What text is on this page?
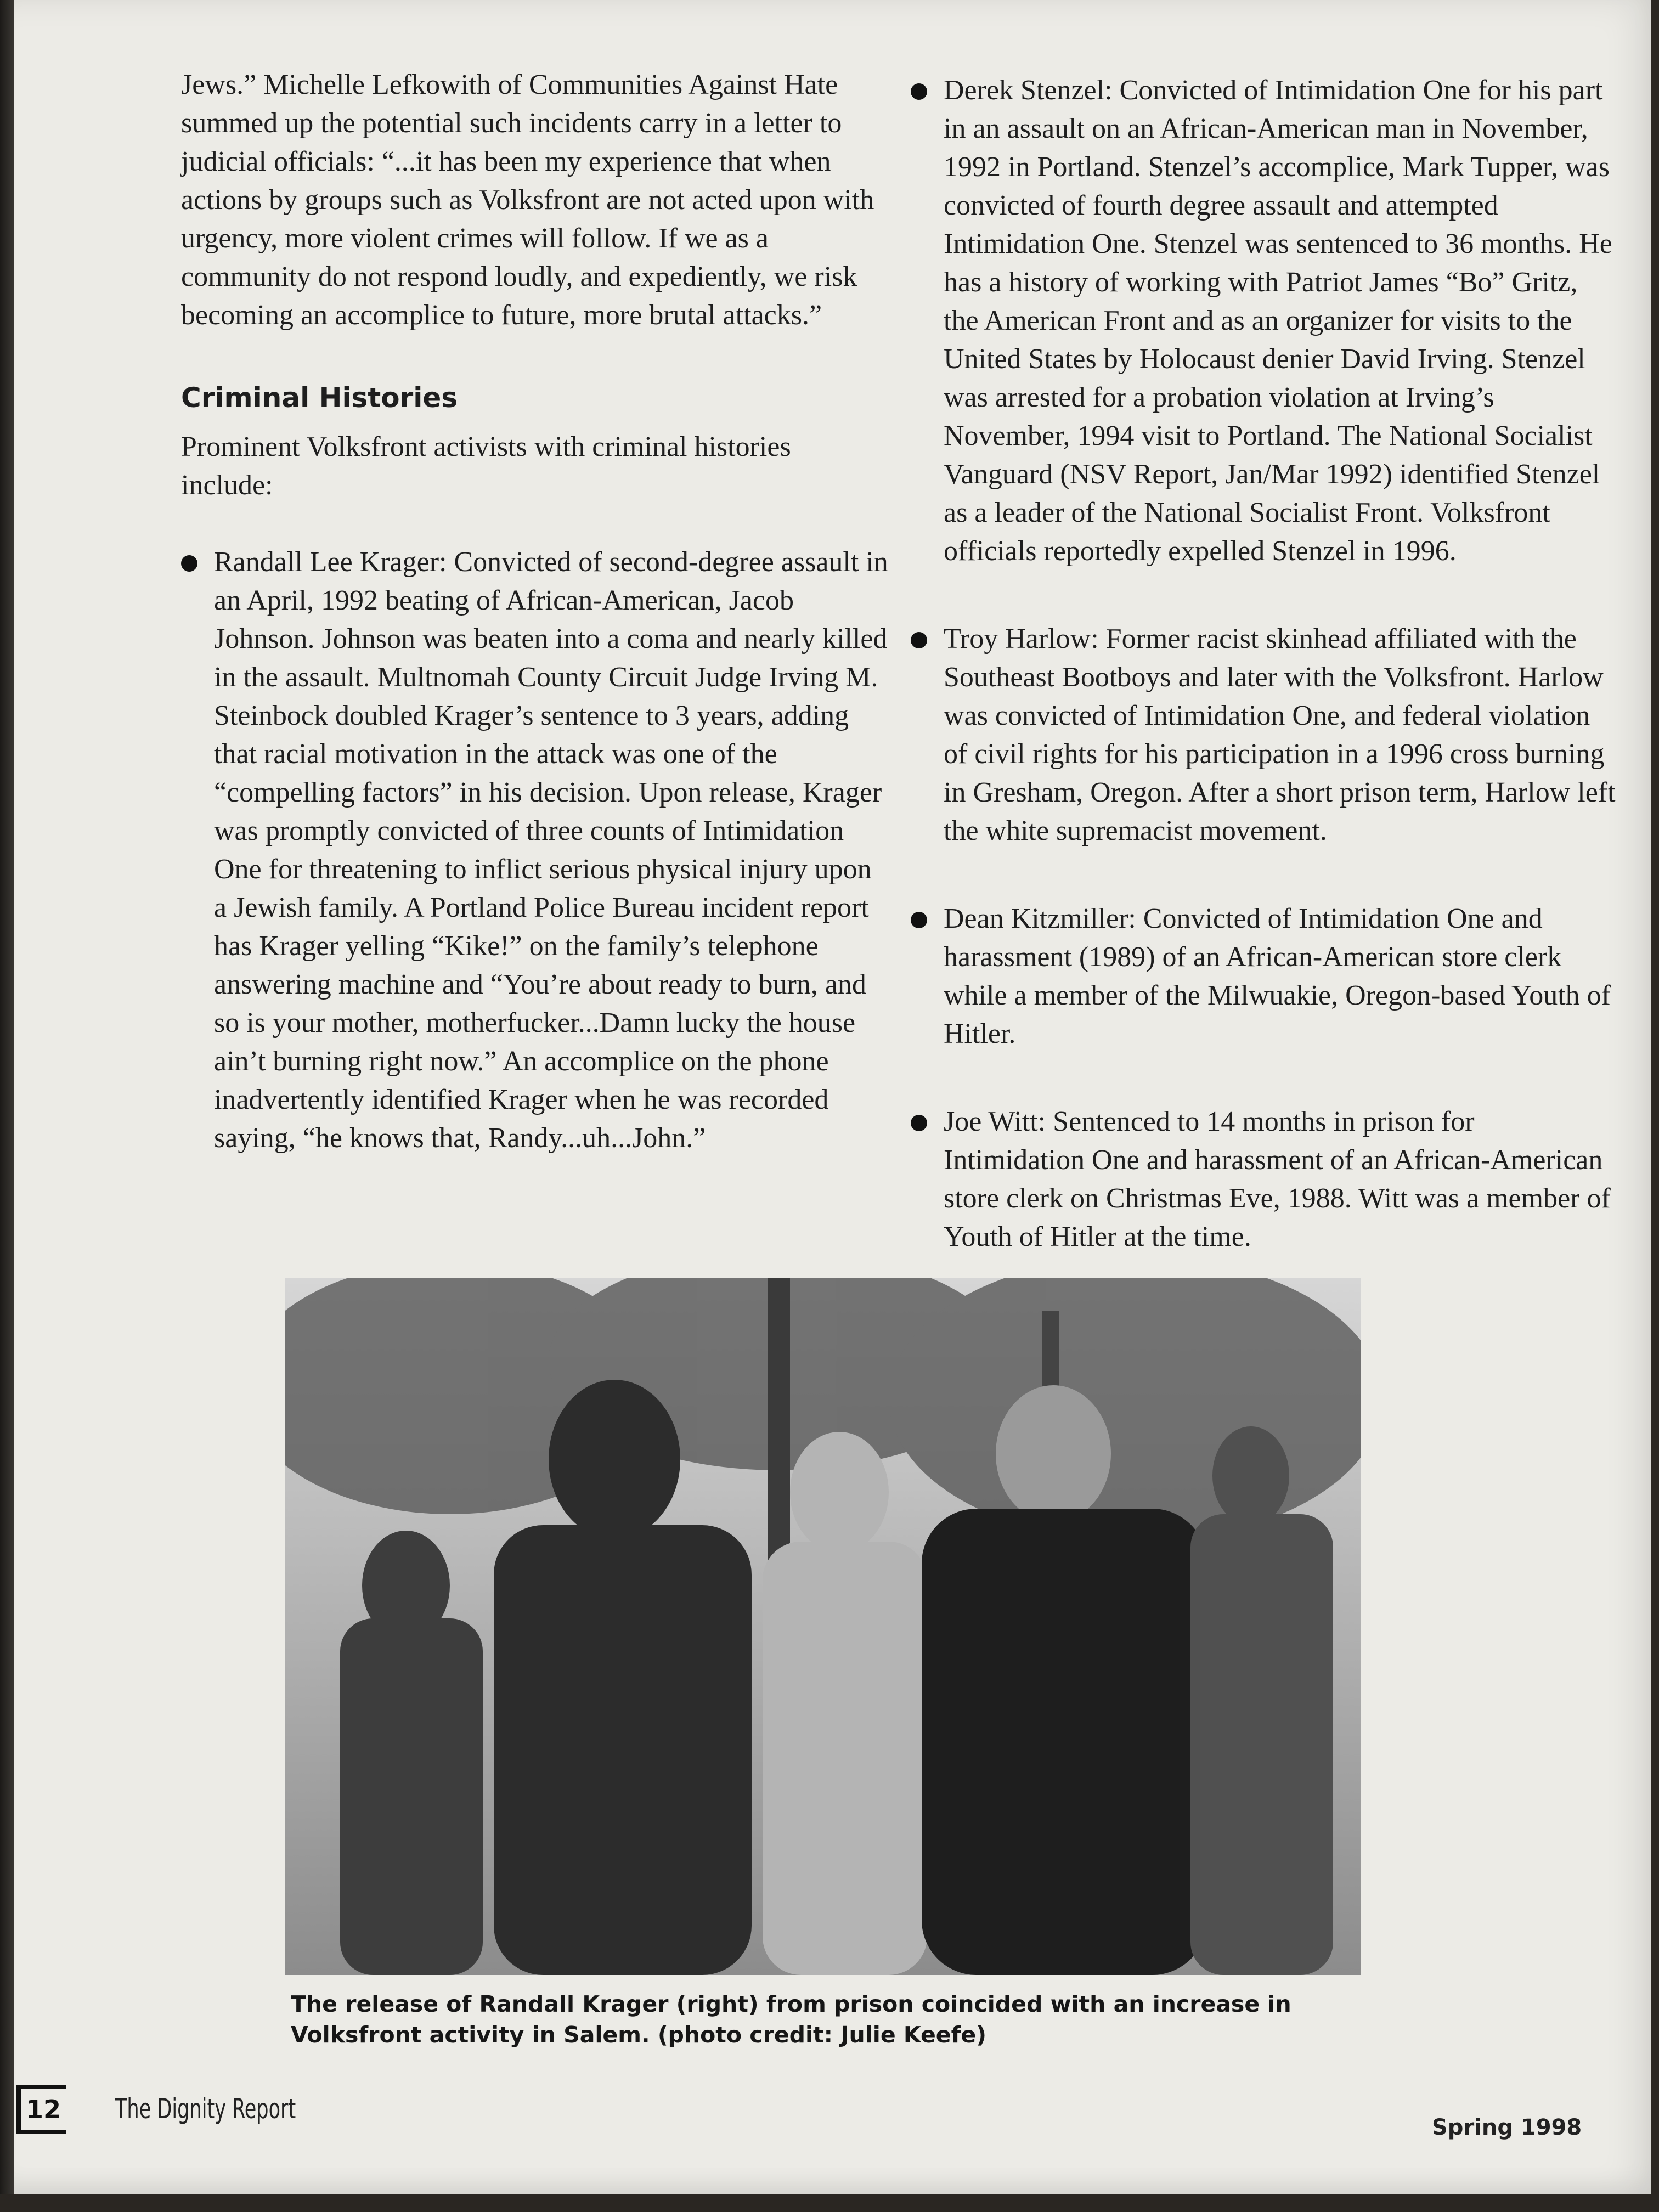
Jews.” Michelle Lefkowith of Communities Against Hate summed up the potential such incidents carry in a letter to judicial officials: “...it has been my experience that when actions by groups such as Volksfront are not acted upon with urgency, more violent crimes will follow. If we as a community do not respond loudly, and expediently, we risk becoming an accomplice to future, more brutal attacks.”

Criminal Histories

Prominent Volksfront activists with criminal histories include:

Randall Lee Krager: Convicted of second-degree assault in an April, 1992 beating of African-American, Jacob Johnson. Johnson was beaten into a coma and nearly killed in the assault. Multnomah County Circuit Judge Irving M. Steinbock doubled Krager’s sentence to 3 years, adding that racial motivation in the attack was one of the “compelling factors” in his decision. Upon release, Krager was promptly convicted of three counts of Intimidation One for threatening to inflict serious physical injury upon a Jewish family. A Portland Police Bureau incident report has Krager yelling “Kike!” on the family’s telephone answering machine and “You’re about ready to burn, and so is your mother, motherfucker...Damn lucky the house ain’t burning right now.” An accomplice on the phone inadvertently identified Krager when he was recorded saying, “he knows that, Randy...uh...John.”

Derek Stenzel: Convicted of Intimidation One for his part in an assault on an African-American man in November, 1992 in Portland. Stenzel’s accomplice, Mark Tupper, was convicted of fourth degree assault and attempted Intimidation One. Stenzel was sentenced to 36 months. He has a history of working with Patriot James “Bo” Gritz, the American Front and as an organizer for visits to the United States by Holocaust denier David Irving. Stenzel was arrested for a probation violation at Irving’s November, 1994 visit to Portland. The National Socialist Vanguard (NSV Report, Jan/Mar 1992) identified Stenzel as a leader of the National Socialist Front. Volksfront officials reportedly expelled Stenzel in 1996.

Troy Harlow: Former racist skinhead affiliated with the Southeast Bootboys and later with the Volksfront. Harlow was convicted of Intimidation One, and federal violation of civil rights for his participation in a 1996 cross burning in Gresham, Oregon. After a short prison term, Harlow left the white supremacist movement.

Dean Kitzmiller: Convicted of Intimidation One and harassment (1989) of an African-American store clerk while a member of the Milwuakie, Oregon-based Youth of Hitler.

Joe Witt: Sentenced to 14 months in prison for Intimidation One and harassment of an African-American store clerk on Christmas Eve, 1988. Witt was a member of Youth of Hitler at the time.

The release of Randall Krager (right) from prison coincided with an increase in Volksfront activity in Salem. (photo credit: Julie Keefe)
12 The Dignity Report
Spring 1998
